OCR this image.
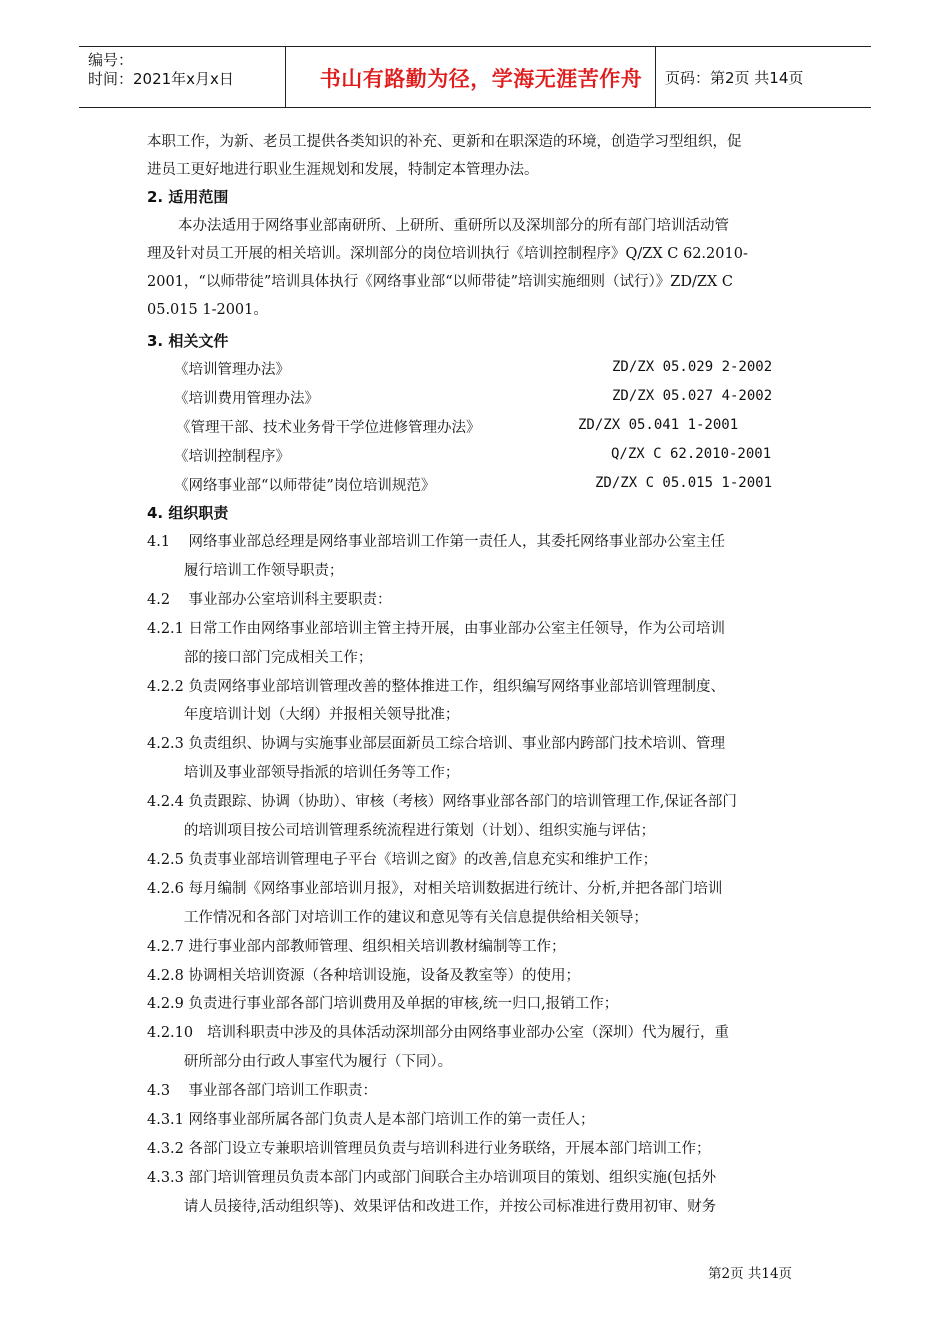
编号：
时间：2021年x月x日	书山有路勤为径，学海无涯苦作舟	页码：第2页 共14页
本职工作，为新、老员工提供各类知识的补充、更新和在职深造的环境，创造学习型组织，促
进员工更好地进行职业生涯规划和发展，特制定本管理办法。
2. 适用范围
本办法适用于网络事业部南研所、上研所、重研所以及深圳部分的所有部门培训活动管
理及针对员工开展的相关培训。深圳部分的岗位培训执行《培训控制程序》Q/ZX C 62.2010-
2001，“以师带徒”培训具体执行《网络事业部“以师带徒”培训实施细则（试行）》ZD/ZX C
05.015 1-2001。
3. 相关文件
《培训管理办法》	ZD/ZX 05.029 2-2002
《培训费用管理办法》	ZD/ZX 05.027 4-2002
《管理干部、技术业务骨干学位进修管理办法》	ZD/ZX 05.041 1-2001
《培训控制程序》	Q/ZX C 62.2010-2001
《网络事业部“以师带徒”岗位培训规范》	ZD/ZX C 05.015 1-2001
4. 组织职责
4.1    网络事业部总经理是网络事业部培训工作第一责任人，其委托网络事业部办公室主任
履行培训工作领导职责；
4.2    事业部办公室培训科主要职责：
4.2.1 日常工作由网络事业部培训主管主持开展，由事业部办公室主任领导，作为公司培训
部的接口部门完成相关工作；
4.2.2 负责网络事业部培训管理改善的整体推进工作，组织编写网络事业部培训管理制度、
年度培训计划（大纲）并报相关领导批准；
4.2.3 负责组织、协调与实施事业部层面新员工综合培训、事业部内跨部门技术培训、管理
培训及事业部领导指派的培训任务等工作；
4.2.4 负责跟踪、协调（协助）、审核（考核）网络事业部各部门的培训管理工作,保证各部门
的培训项目按公司培训管理系统流程进行策划（计划）、组织实施与评估；
4.2.5 负责事业部培训管理电子平台《培训之窗》的改善,信息充实和维护工作；
4.2.6 每月编制《网络事业部培训月报》，对相关培训数据进行统计、分析,并把各部门培训
工作情况和各部门对培训工作的建议和意见等有关信息提供给相关领导；
4.2.7 进行事业部内部教师管理、组织相关培训教材编制等工作；
4.2.8 协调相关培训资源（各种培训设施，设备及教室等）的使用；
4.2.9 负责进行事业部各部门培训费用及单据的审核,统一归口,报销工作；
4.2.10   培训科职责中涉及的具体活动深圳部分由网络事业部办公室（深圳）代为履行，重
研所部分由行政人事室代为履行（下同）。
4.3    事业部各部门培训工作职责：
4.3.1 网络事业部所属各部门负责人是本部门培训工作的第一责任人；
4.3.2 各部门设立专兼职培训管理员负责与培训科进行业务联络，开展本部门培训工作；
4.3.3 部门培训管理员负责本部门内或部门间联合主办培训项目的策划、组织实施(包括外
请人员接待,活动组织等)、效果评估和改进工作，并按公司标准进行费用初审、财务
第2页 共14页
